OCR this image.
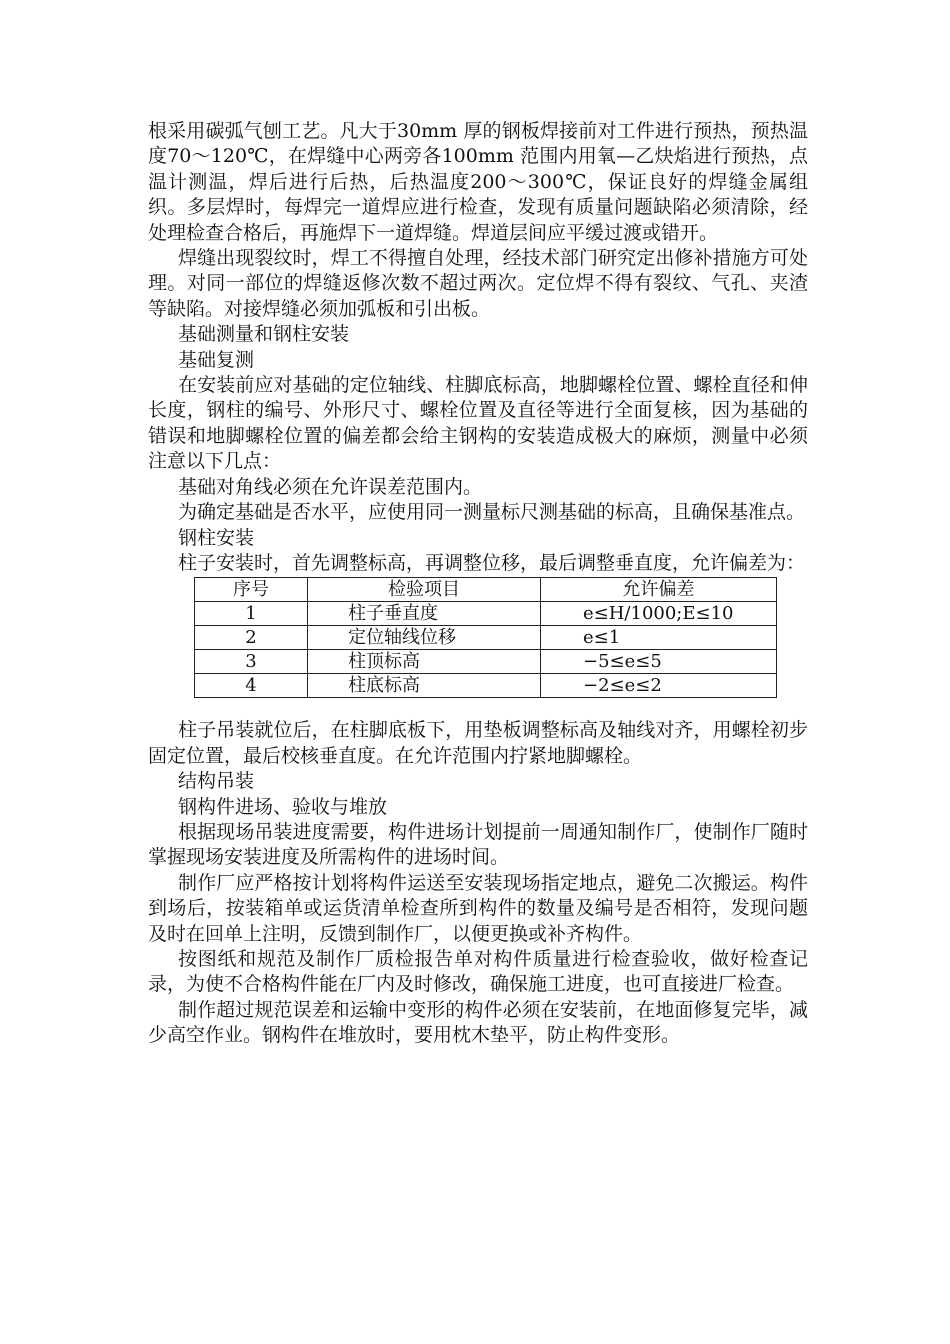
根采用碳弧气刨工艺。凡大于30mm 厚的钢板焊接前对工件进行预热，预热温度70～120℃，在焊缝中心两旁各100mm 范围内用氧—乙炔焰进行预热，点温计测温，焊后进行后热，后热温度200～300℃，保证良好的焊缝金属组织。多层焊时，每焊完一道焊应进行检查，发现有质量问题缺陷必须清除，经处理检查合格后，再施焊下一道焊缝。焊道层间应平缓过渡或错开。

焊缝出现裂纹时，焊工不得擅自处理，经技术部门研究定出修补措施方可处理。对同一部位的焊缝返修次数不超过两次。定位焊不得有裂纹、气孔、夹渣等缺陷。对接焊缝必须加弧板和引出板。

基础测量和钢柱安装

基础复测

在安装前应对基础的定位轴线、柱脚底标高，地脚螺栓位置、螺栓直径和伸长度，钢柱的编号、外形尺寸、螺栓位置及直径等进行全面复核，因为基础的错误和地脚螺栓位置的偏差都会给主钢构的安装造成极大的麻烦，测量中必须注意以下几点：

基础对角线必须在允许误差范围内。

为确定基础是否水平，应使用同一测量标尺测基础的标高，且确保基准点。

钢柱安装

柱子安装时，首先调整标高，再调整位移，最后调整垂直度，允许偏差为：

序号	检验项目	允许偏差
1	柱子垂直度	e≤H/1000;E≤10
2	定位轴线位移	e≤1
3	柱顶标高	−5≤e≤5
4	柱底标高	−2≤e≤2

柱子吊装就位后，在柱脚底板下，用垫板调整标高及轴线对齐，用螺栓初步固定位置，最后校核垂直度。在允许范围内拧紧地脚螺栓。

结构吊装

钢构件进场、验收与堆放

根据现场吊装进度需要，构件进场计划提前一周通知制作厂，使制作厂随时掌握现场安装进度及所需构件的进场时间。

制作厂应严格按计划将构件运送至安装现场指定地点，避免二次搬运。构件到场后，按装箱单或运货清单检查所到构件的数量及编号是否相符，发现问题及时在回单上注明，反馈到制作厂，以便更换或补齐构件。

按图纸和规范及制作厂质检报告单对构件质量进行检查验收，做好检查记录，为使不合格构件能在厂内及时修改，确保施工进度，也可直接进厂检查。

制作超过规范误差和运输中变形的构件必须在安装前，在地面修复完毕，减少高空作业。钢构件在堆放时，要用枕木垫平，防止构件变形。
